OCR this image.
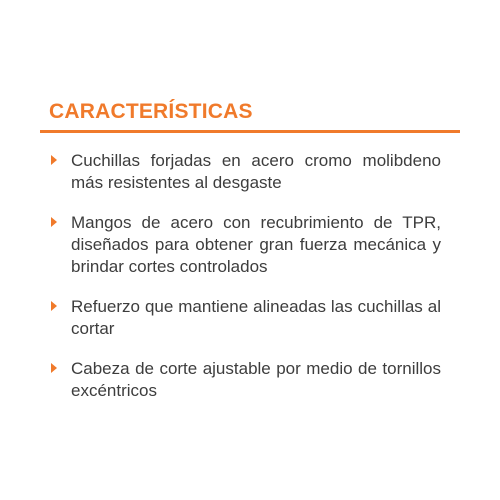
CARACTERÍSTICAS
Cuchillas forjadas en acero cromo molibdeno más resistentes al desgaste
Mangos de acero con recubrimiento de TPR, diseñados para obtener gran fuerza mecánica y brindar cortes controlados
Refuerzo que mantiene alineadas las cuchillas al cortar
Cabeza de corte ajustable por medio de tornillos excéntricos
